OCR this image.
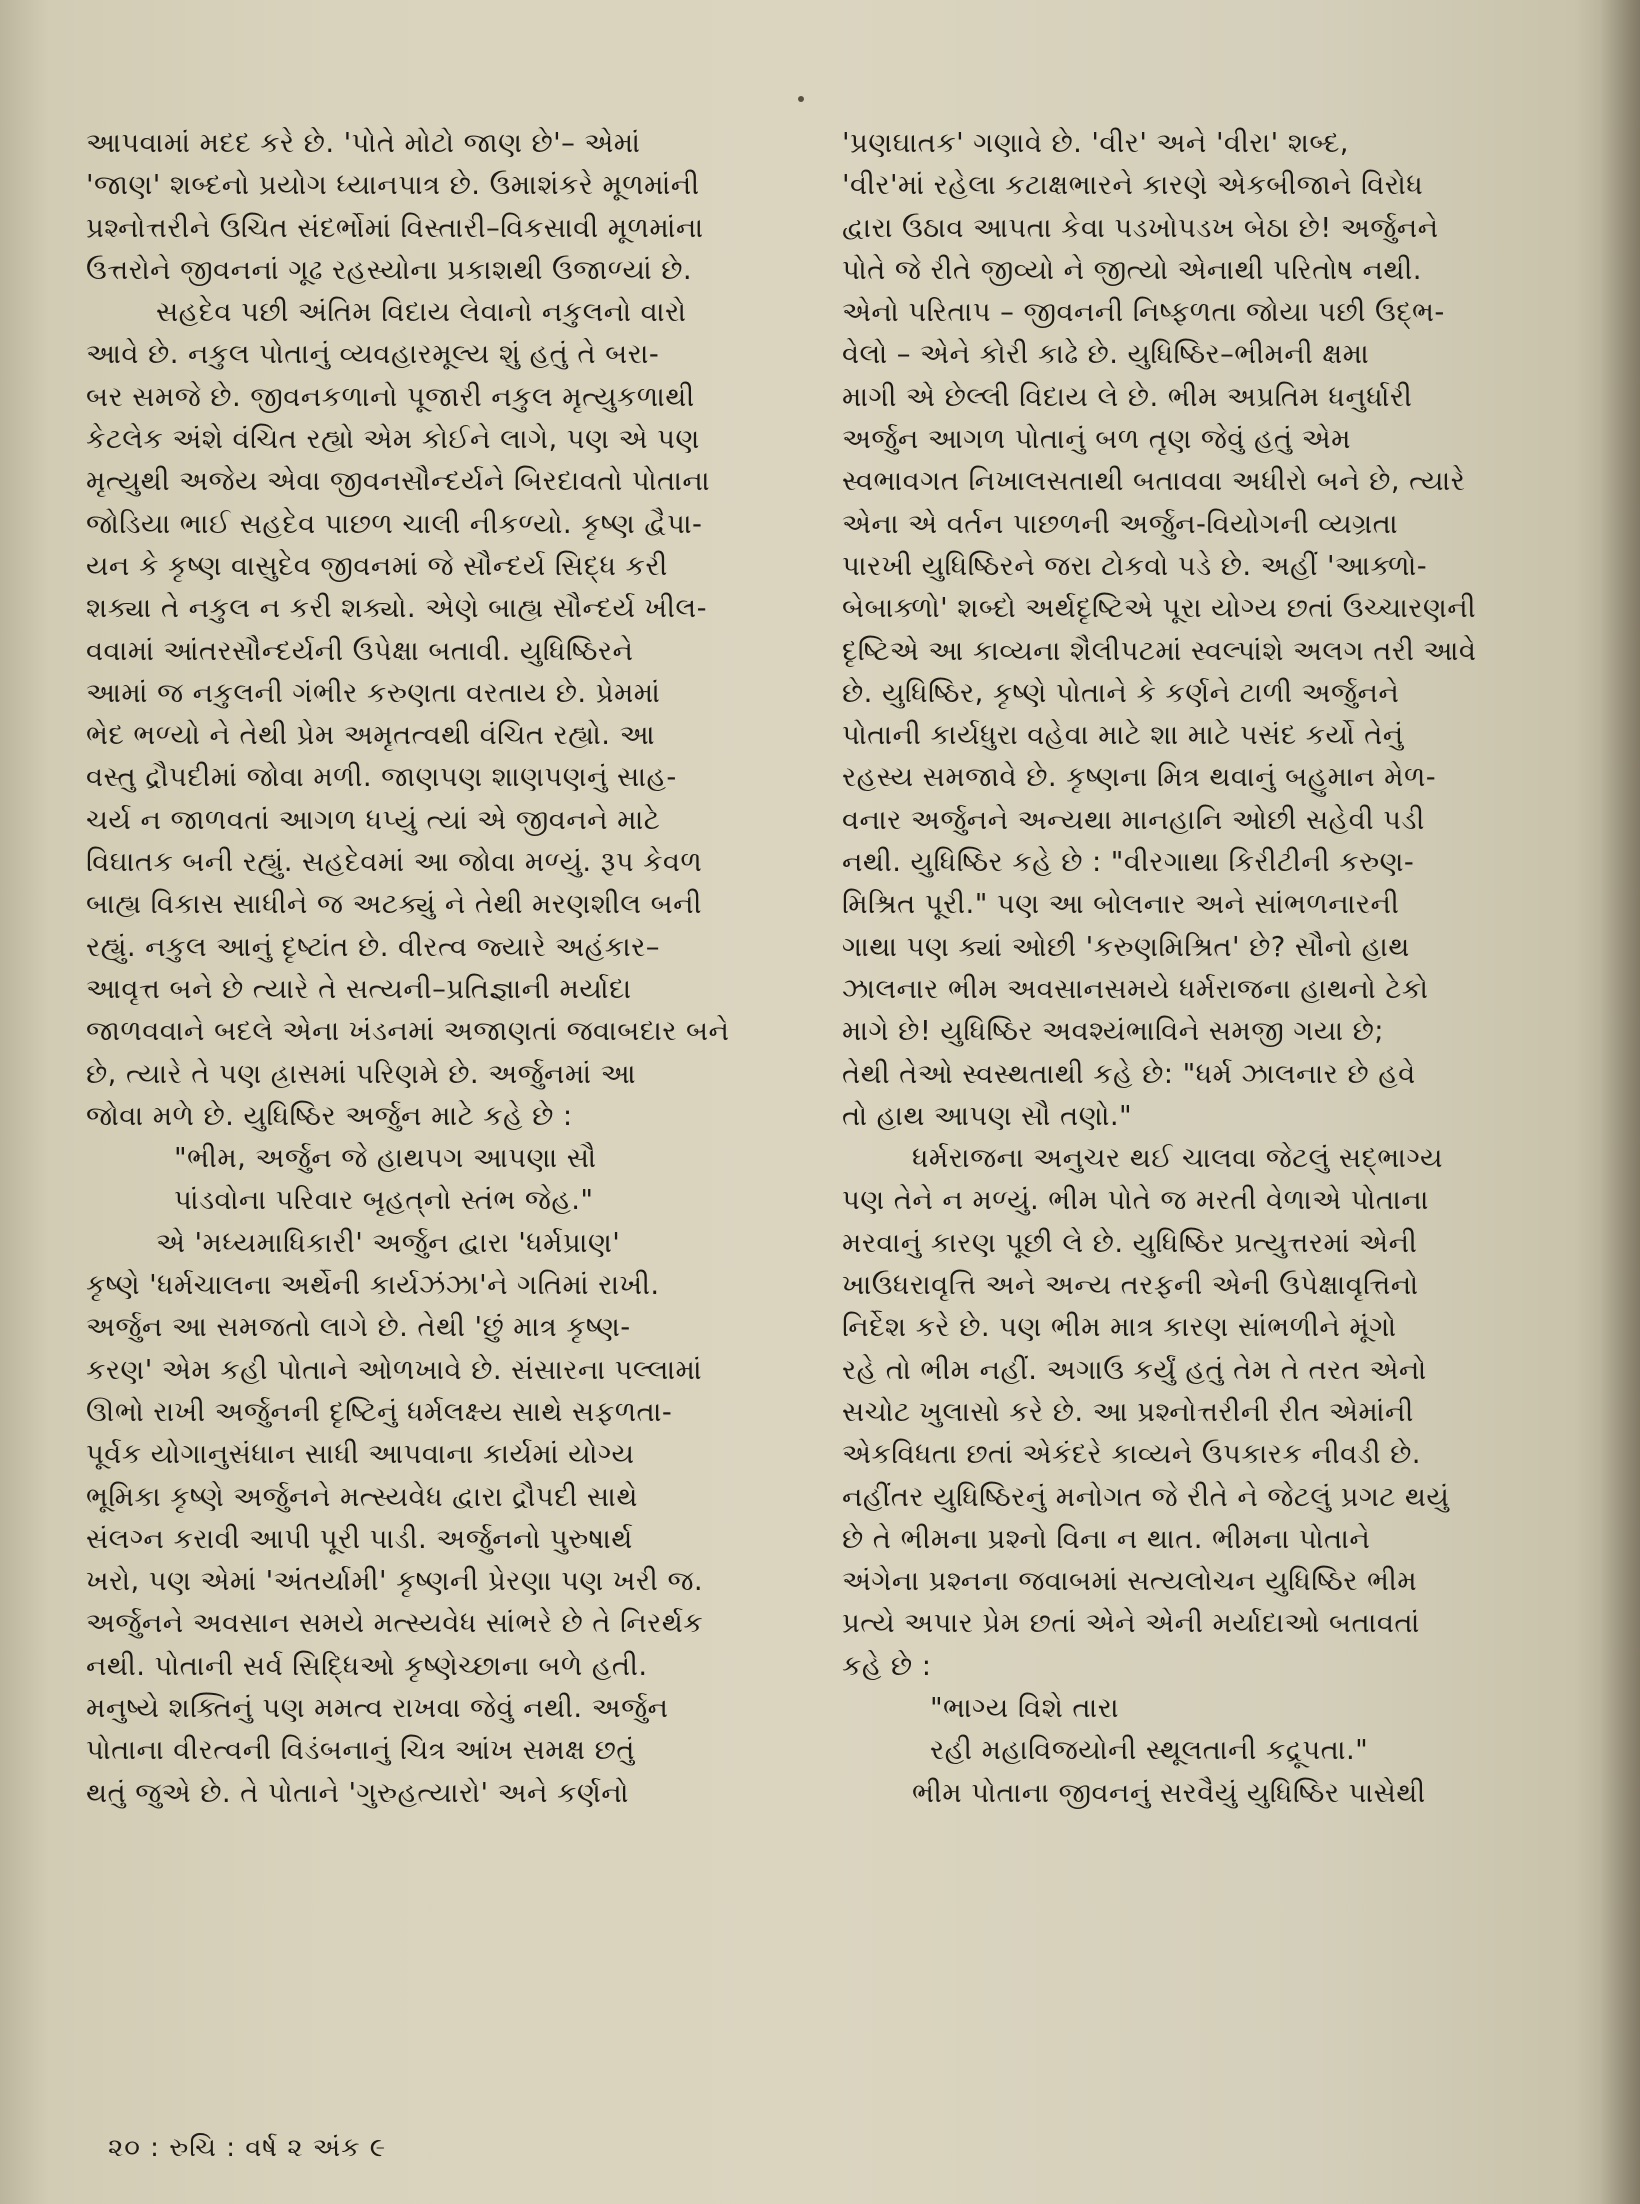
આપવામાં મદદ કરે છે. 'પોતે મોટો જાણ છે'– એમાં
'જાણ' શબ્દનો પ્રયોગ ધ્યાનપાત્ર છે. ઉમાશંકરે મૂળમાંની
પ્રશ્નોત્તરીને ઉચિત સંદર્ભોમાં વિસ્તારી–વિકસાવી મૂળમાંના
ઉત્તરોને જીવનનાં ગૂઢ રહસ્યોના પ્રકાશથી ઉજાળ્યાં છે.
સહદેવ પછી અંતિમ વિદાય લેવાનો નકુલનો વારો
આવે છે. નકુલ પોતાનું વ્યવહારમૂલ્ય શું હતું તે બરા-
બર સમજે છે. જીવનકળાનો પૂજારી નકુલ મૃત્યુકળાથી
કેટલેક અંશે વંચિત રહ્યો એમ કોઈને લાગે, પણ એ પણ
મૃત્યુથી અજેય એવા જીવનસૌન્દર્યને બિરદાવતો પોતાના
જોડિયા ભાઈ સહદેવ પાછળ ચાલી નીકળ્યો. કૃષ્ણ દ્વૈપા-
યન કે કૃષ્ણ વાસુદેવ જીવનમાં જે સૌન્દર્ય સિદ્ધ કરી
શક્યા તે નકુલ ન કરી શક્યો. એણે બાહ્ય સૌન્દર્ય ખીલ-
વવામાં આંતરસૌન્દર્યની ઉપેક્ષા બતાવી. યુધિષ્ઠિરને
આમાં જ નકુલની ગંભીર કરુણતા વરતાય છે. પ્રેમમાં
ભેદ ભળ્યો ને તેથી પ્રેમ અમૃતત્વથી વંચિત રહ્યો. આ
વસ્તુ દ્રૌપદીમાં જોવા મળી. જાણપણ શાણપણનું સાહ-
ચર્ય ન જાળવતાં આગળ ધપ્યું ત્યાં એ જીવનને માટે
વિઘાતક બની રહ્યું. સહદેવમાં આ જોવા મળ્યું. રૂપ કેવળ
બાહ્ય વિકાસ સાધીને જ અટક્યું ને તેથી મરણશીલ બની
રહ્યું. નકુલ આનું દૃષ્ટાંત છે. વીરત્વ જ્યારે અહંકાર–
આવૃત્ત બને છે ત્યારે તે સત્યની–પ્રતિજ્ઞાની મર્યાદા
જાળવવાને બદલે એના ખંડનમાં અજાણતાં જવાબદાર બને
છે, ત્યારે તે પણ હ્રાસમાં પરિણમે છે. અર્જુનમાં આ
જોવા મળે છે. યુધિષ્ઠિર અર્જુન માટે કહે છે :
"ભીમ, અર્જુન જે હાથપગ આપણા સૌ
પાંડવોના પરિવાર બૃહત્‌નો સ્તંભ જેહ."
એ 'મધ્યમાધિકારી' અર્જુન દ્વારા 'ધર્મપ્રાણ'
કૃષ્ણે 'ધર્મચાલના અર્થેની કાર્યઝંઝા'ને ગતિમાં રાખી.
અર્જુન આ સમજતો લાગે છે. તેથી 'છું માત્ર કૃષ્ણ-
કરણ' એમ કહી પોતાને ઓળખાવે છે. સંસારના પલ્લામાં
ઊભો રાખી અર્જુનની દૃષ્ટિનું ધર્મલક્ષ્ય સાથે સફળતા-
પૂર્વક યોગાનુસંધાન સાધી આપવાના કાર્યમાં યોગ્ય
ભૂમિકા કૃષ્ણે અર્જુનને મત્સ્યવેધ દ્વારા દ્રૌપદી સાથે
સંલગ્ન કરાવી આપી પૂરી પાડી. અર્જુનનો પુરુષાર્થ
ખરો, પણ એમાં 'અંતર્યામી' કૃષ્ણની પ્રેરણા પણ ખરી જ.
અર્જુનને અવસાન સમયે મત્સ્યવેધ સાંભરે છે તે નિરર્થક
નથી. પોતાની સર્વ સિદ્ધિઓ કૃષ્ણેચ્છાના બળે હતી.
મનુષ્યે શક્તિનું પણ મમત્વ રાખવા જેવું નથી. અર્જુન
પોતાના વીરત્વની વિડંબનાનું ચિત્ર આંખ સમક્ષ છતું
થતું જુએ છે. તે પોતાને 'ગુરુહત્યારો' અને કર્ણનો
'પ્રણઘાતક' ગણાવે છે. 'વીર' અને 'વીરા' શબ્દ,
'વીર'માં રહેલા કટાક્ષભારને કારણે એકબીજાને વિરોધ
દ્વારા ઉઠાવ આપતા કેવા પડખોપડખ બેઠા છે! અર્જુનને
પોતે જે રીતે જીવ્યો ને જીત્યો એનાથી પરિતોષ નથી.
એનો પરિતાપ – જીવનની નિષ્ફળતા જોયા પછી ઉદ્ભ-
વેલો – એને કોરી કાઢે છે. યુધિષ્ઠિર–ભીમની ક્ષમા
માગી એ છેલ્લી વિદાય લે છે. ભીમ અપ્રતિમ ધનુર્ધારી
અર્જુન આગળ પોતાનું બળ તૃણ જેવું હતું એમ
સ્વભાવગત નિખાલસતાથી બતાવવા અધીરો બને છે, ત્યારે
એના એ વર્તન પાછળની અર્જુન-વિયોગની વ્યગ્રતા
પારખી યુધિષ્ઠિરને જરા ટોકવો પડે છે. અહીં 'આક્ળો-
બેબાક્ળો' શબ્દો અર્થદૃષ્ટિએ પૂરા યોગ્ય છતાં ઉચ્ચારણની
દૃષ્ટિએ આ કાવ્યના શૈલીપટમાં સ્વલ્પાંશે અલગ તરી આવે
છે. યુધિષ્ઠિર, કૃષ્ણે પોતાને કે કર્ણને ટાળી અર્જુનને
પોતાની કાર્યધુરા વહેવા માટે શા માટે પસંદ કર્યો તેનું
રહસ્ય સમજાવે છે. કૃષ્ણના મિત્ર થવાનું બહુમાન મેળ-
વનાર અર્જુનને અન્યથા માનહાનિ ઓછી સહેવી પડી
નથી. યુધિષ્ઠિર કહે છે : "વીરગાથા કિરીટીની કરુણ-
મિશ્રિત પૂરી." પણ આ બોલનાર અને સાંભળનારની
ગાથા પણ ક્યાં ઓછી 'કરુણમિશ્રિત' છે? સૌનો હાથ
ઝાલનાર ભીમ અવસાનસમયે ધર્મરાજના હાથનો ટેકો
માગે છે! યુધિષ્ઠિર અવશ્યંભાવિને સમજી ગયા છે;
તેથી તેઓ સ્વસ્થતાથી કહે છે: "ધર્મ ઝાલનાર છે હવે
તો હાથ આપણ સૌ તણો."
ધર્મરાજના અનુચર થઈ ચાલવા જેટલું સદ્‌ભાગ્ય
પણ તેને ન મળ્યું. ભીમ પોતે જ મરતી વેળાએ પોતાના
મરવાનું કારણ પૂછી લે છે. યુધિષ્ઠિર પ્રત્યુત્તરમાં એની
ખાઉધરાવૃત્તિ અને અન્ય તરફની એની ઉપેક્ષાવૃત્તિનો
નિર્દેશ કરે છે. પણ ભીમ માત્ર કારણ સાંભળીને મૂંગો
રહે તો ભીમ નહીં. અગાઉ કર્યું હતું તેમ તે તરત એનો
સચોટ ખુલાસો કરે છે. આ પ્રશ્નોત્તરીની રીત એમાંની
એકવિધતા છતાં એકંદરે કાવ્યને ઉપકારક નીવડી છે.
નહીંતર યુધિષ્ઠિરનું મનોગત જે રીતે ને જેટલું પ્રગટ થયું
છે તે ભીમના પ્રશ્નો વિના ન થાત. ભીમના પોતાને
અંગેના પ્રશ્નના જવાબમાં સત્યલોચન યુધિષ્ઠિર ભીમ
પ્રત્યે અપાર પ્રેમ છતાં એને એની મર્યાદાઓ બતાવતાં
કહે છે :
"ભાગ્ય વિશે તારા
રહી મહાવિજયોની સ્થૂલતાની કદ્રૂપતા."
ભીમ પોતાના જીવનનું સરવૈયું યુધિષ્ઠિર પાસેથી
૨૦ : રુચિ : વર્ષ ૨ અંક ૯
